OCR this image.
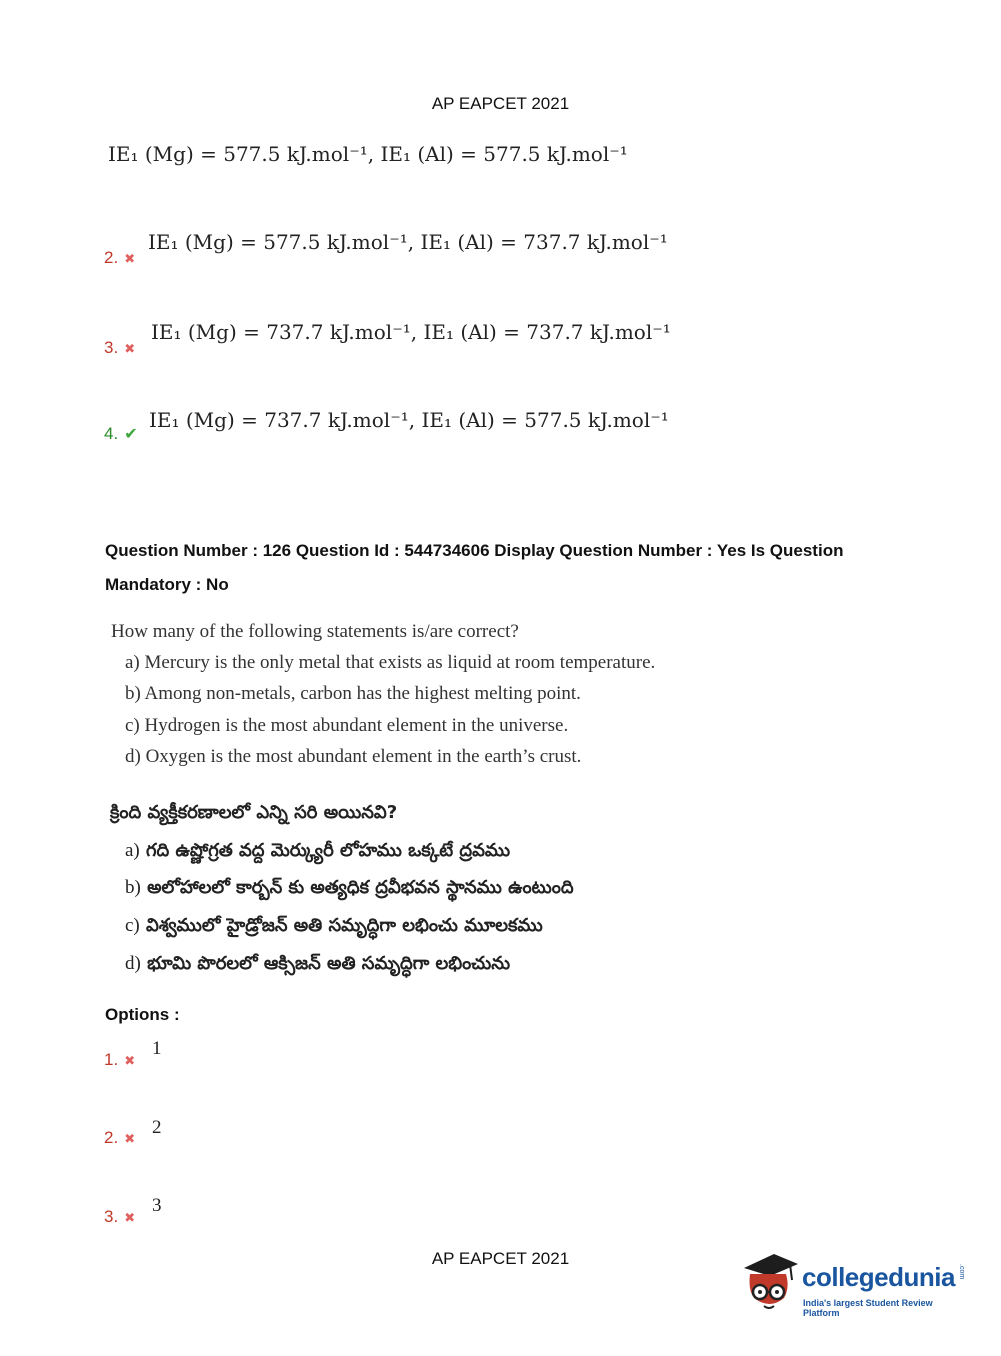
AP EAPCET 2021
IE₁ (Mg) = 577.5 kJ.mol⁻¹, IE₁ (Al) = 577.5 kJ.mol⁻¹
2. ✖
IE₁ (Mg) = 577.5 kJ.mol⁻¹, IE₁ (Al) = 737.7 kJ.mol⁻¹
3. ✖
IE₁ (Mg) = 737.7 kJ.mol⁻¹, IE₁ (Al) = 737.7 kJ.mol⁻¹
4. ✔
IE₁ (Mg) = 737.7 kJ.mol⁻¹, IE₁ (Al) = 577.5 kJ.mol⁻¹
Question Number : 126 Question Id : 544734606 Display Question Number : Yes Is Question
Mandatory : No
How many of the following statements is/are correct?
a) Mercury is the only metal that exists as liquid at room temperature.
b) Among non-metals, carbon has the highest melting point.
c) Hydrogen is the most abundant element in the universe.
d) Oxygen is the most abundant element in the earth’s crust.
క్రింది వ్యక్తీకరణాలలో ఎన్ని సరి అయినవి?
a) గది ఉష్ణోగ్రత వద్ద మెర్క్యురీ లోహము ఒక్కటే ద్రవము
b) అలోహాలలో కార్బన్ కు అత్యధిక ద్రవీభవన స్థానము ఉంటుంది
c) విశ్వములో హైడ్రోజన్ అతి సమృద్ధిగా లభించు మూలకము
d) భూమి పొరలలో ఆక్సిజన్ అతి సమృద్ధిగా లభించును
Options :
1. ✖
1
2. ✖
2
3. ✖
3
AP EAPCET 2021
collegedunia .com
India's largest Student Review Platform
